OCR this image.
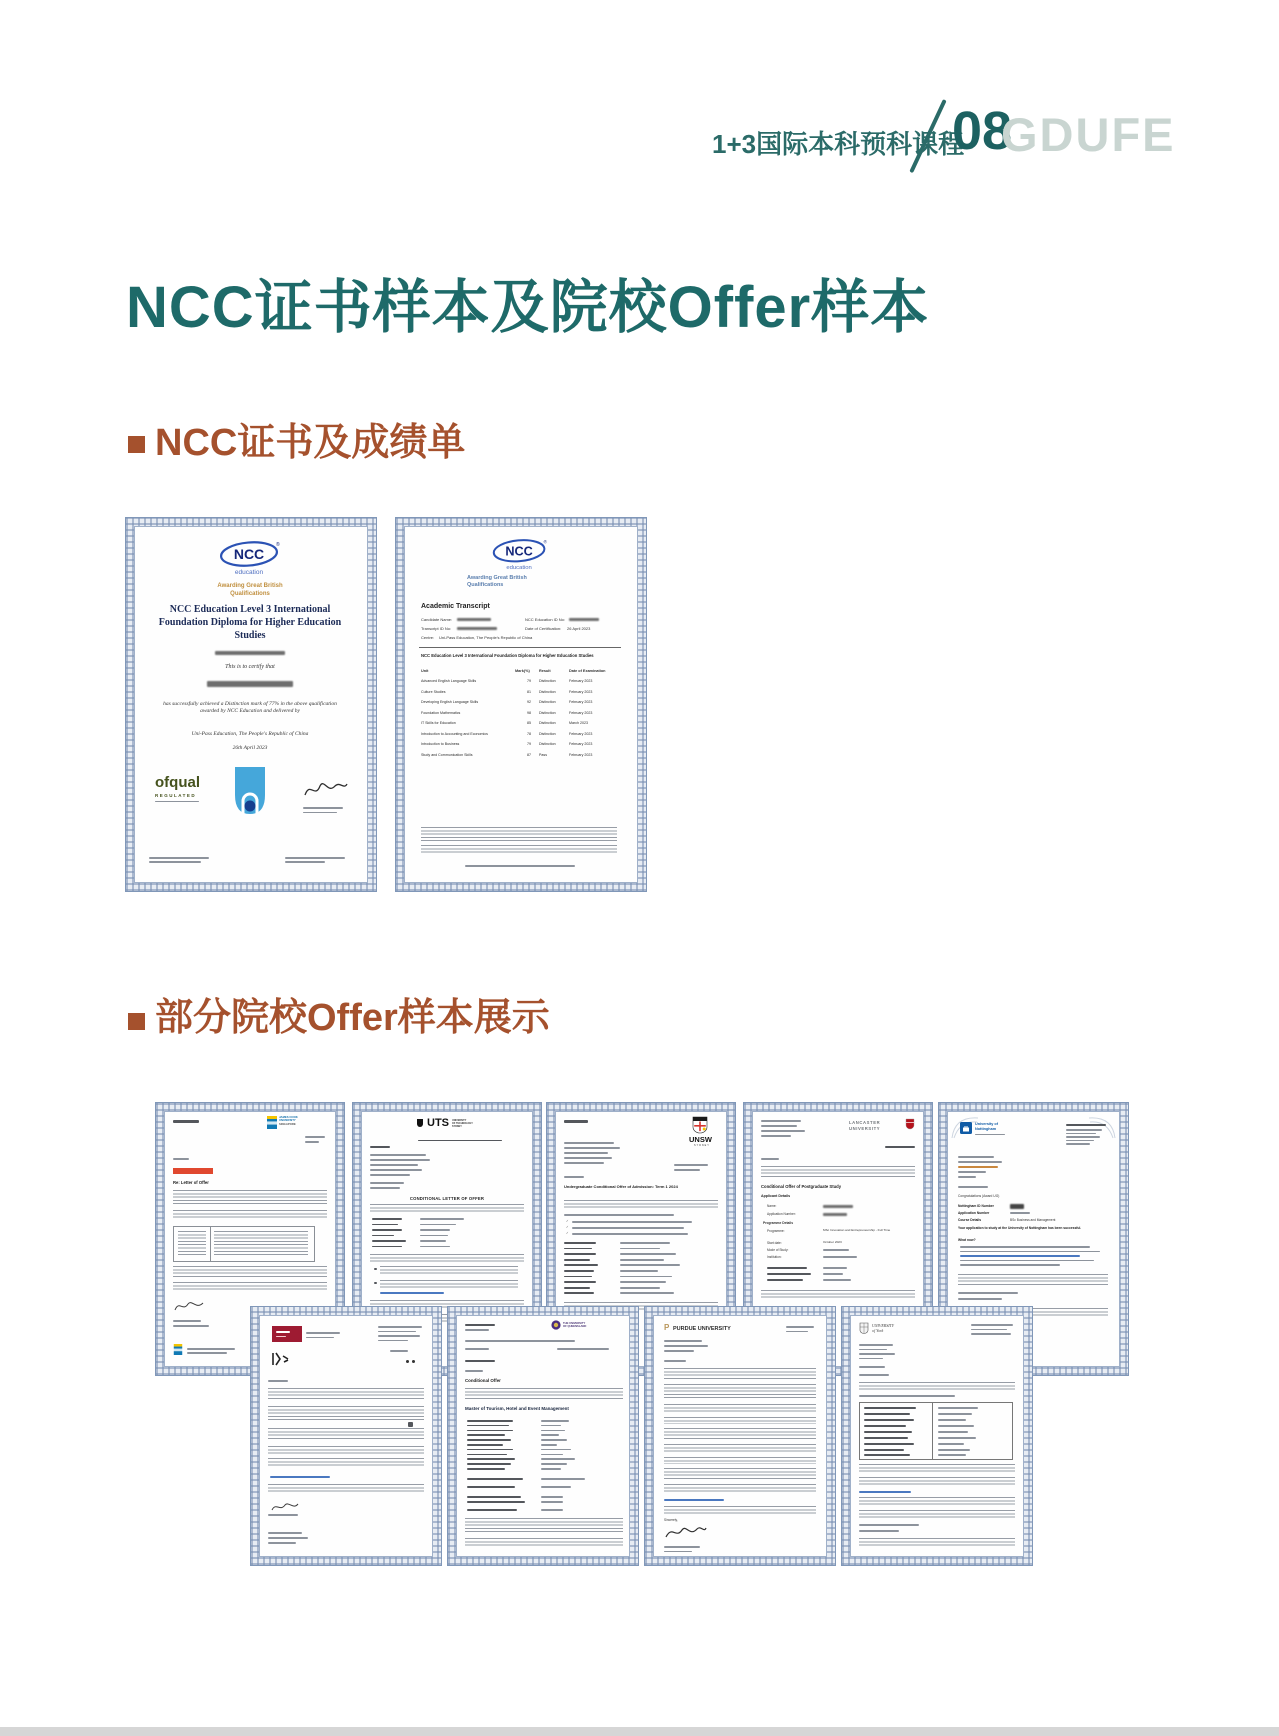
1+3国际本科预科课程
08
GDUFE
NCC证书样本及院校Offer样本
NCC证书及成绩单
NCC
®
education
Awarding Great British
Qualifications
NCC Education Level 3 International Foundation Diploma for Higher Education Studies
This is to certify that
has successfully achieved a Distinction mark of 77% in the above qualification awarded by NCC Education and delivered by
Uni-Pass Education, The People's Republic of China
26th April 2023
ofqual
REGULATED
NCC
®
education
Awarding Great British
Qualifications
Academic Transcript
Candidate Name:	NCC Education ID No:
Transcript ID No:	Date of Certification: 26 April 2023
Centre: Uni-Pass Education, The People's Republic of China
NCC Education Level 3 International Foundation Diploma for Higher Education Studies
Unit	Mark(%) Result	Date of Examination
Advanced English Language Skills	79 Distinction	February 2023
Culture Studies	81 Distinction	February 2023
Developing English Language Skills	92 Distinction	February 2023
Foundation Mathematics	98 Distinction	February 2023
IT Skills for Education	85 Distinction	March 2023
Introduction to Accounting and Economics	78 Distinction	February 2023
Introduction to Business	79 Distinction	February 2023
Study and Communication Skills	87 Pass	February 2023
部分院校Offer样本展示
JAMES COOK
UNIVERSITY
SINGAPORE
Re: Letter of Offer
UTS UNIVERSITY
OF TECHNOLOGY
SYDNEY
CONDITIONAL LETTER OF OFFER
UNSW
SYDNEY
Undergraduate Conditional Offer of Admission: Term 1 2024
✓
✓
✓
LANCASTER
UNIVERSITY
Conditional Offer of Postgraduate Study
Applicant Details
Name:
Application Number:
Programme Details
Programme:	MSc Innovation and Entrepreneurship - Full Time
Start date:	October 2023
Mode of Study:
Institution:
University of
Nottingham
Congratulations (Award UG)
Nottingham ID Number
Application Number
Course Details	BSc Business and Management
Your application to study at the University of Nottingham has been successful.
What now?
THE UNIVERSITY
OF QUEENSLAND
Conditional Offer
Master of Tourism, Hotel and Event Management
P PURDUE UNIVERSITY
Sincerely,
UNIVERSITY
of York
